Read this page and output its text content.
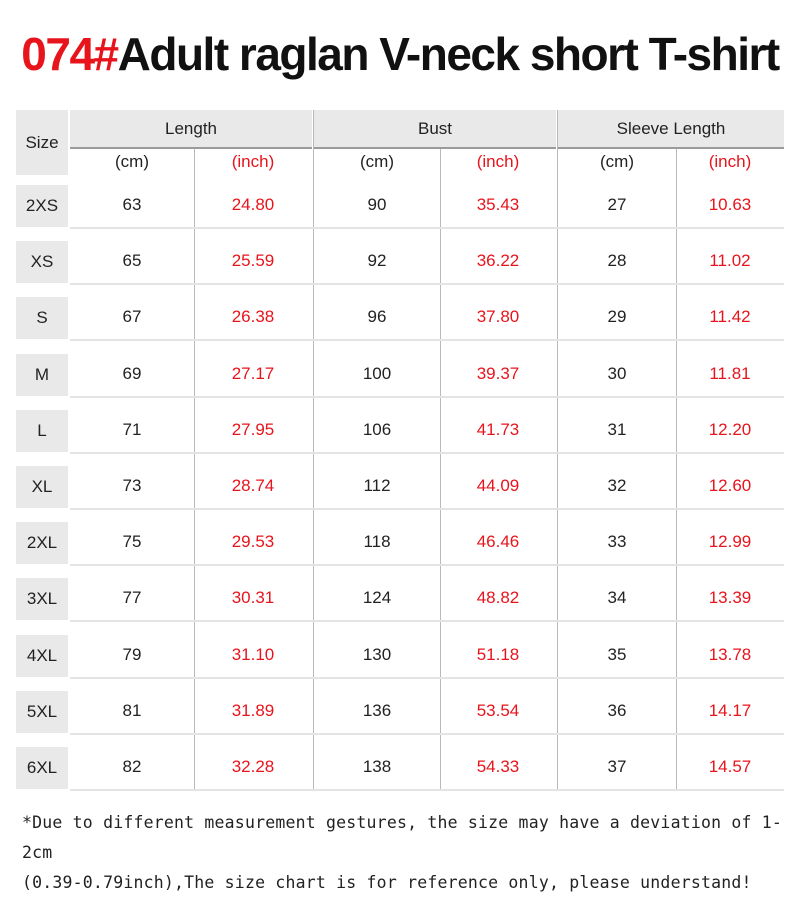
074#Adult raglan V-neck short T-shirt
Size
Length	Bust	Sleeve Length
(cm)	(inch)	(cm)	(inch)	(cm)	(inch)
2XS	63	24.80	90	35.43	27	10.63
XS	65	25.59	92	36.22	28	11.02
S	67	26.38	96	37.80	29	11.42
M	69	27.17	100	39.37	30	11.81
L	71	27.95	106	41.73	31	12.20
XL	73	28.74	112	44.09	32	12.60
2XL	75	29.53	118	46.46	33	12.99
3XL	77	30.31	124	48.82	34	13.39
4XL	79	31.10	130	51.18	35	13.78
5XL	81	31.89	136	53.54	36	14.17
6XL	82	32.28	138	54.33	37	14.57
*Due to different measurement gestures, the size may have a deviation of 1-2cm
(0.39-0.79inch),The size chart is for reference only, please understand!
